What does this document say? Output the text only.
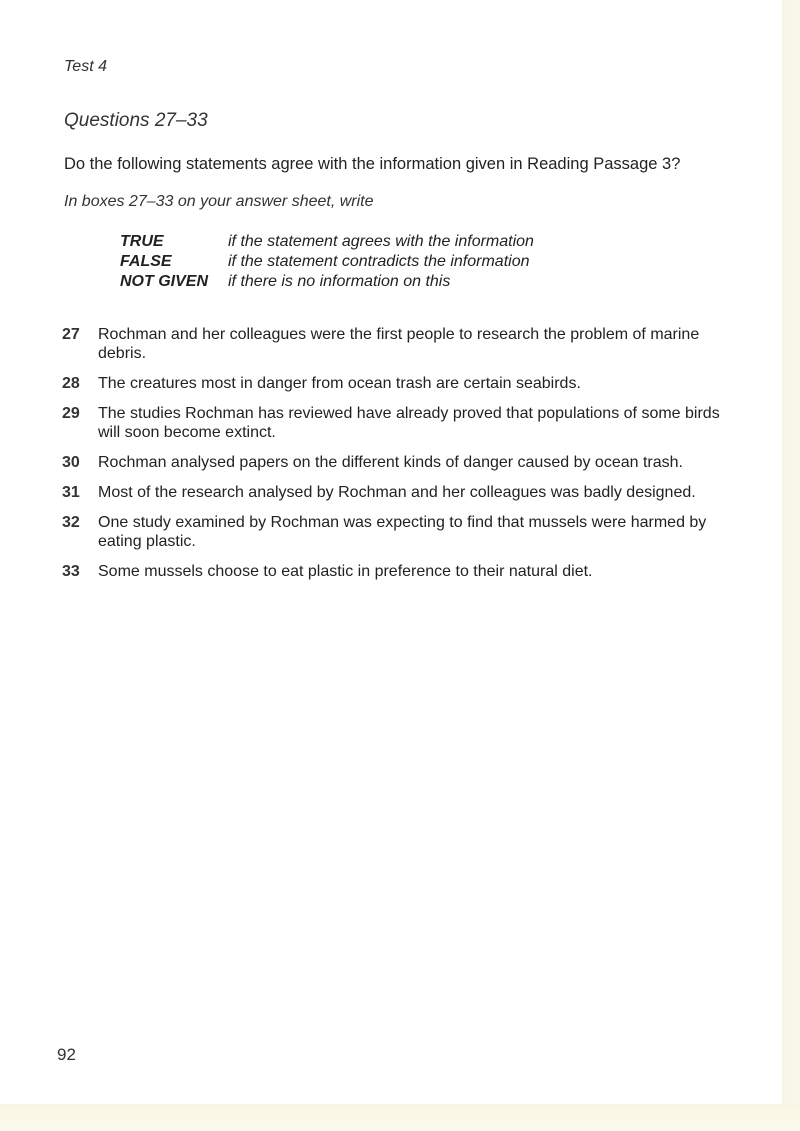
Test 4
Questions 27–33
Do the following statements agree with the information given in Reading Passage 3?
In boxes 27–33 on your answer sheet, write
TRUE	if the statement agrees with the information
FALSE	if the statement contradicts the information
NOT GIVEN	if there is no information on this
27	Rochman and her colleagues were the first people to research the problem of marine debris.
28	The creatures most in danger from ocean trash are certain seabirds.
29	The studies Rochman has reviewed have already proved that populations of some birds will soon become extinct.
30	Rochman analysed papers on the different kinds of danger caused by ocean trash.
31	Most of the research analysed by Rochman and her colleagues was badly designed.
32	One study examined by Rochman was expecting to find that mussels were harmed by eating plastic.
33	Some mussels choose to eat plastic in preference to their natural diet.
92
